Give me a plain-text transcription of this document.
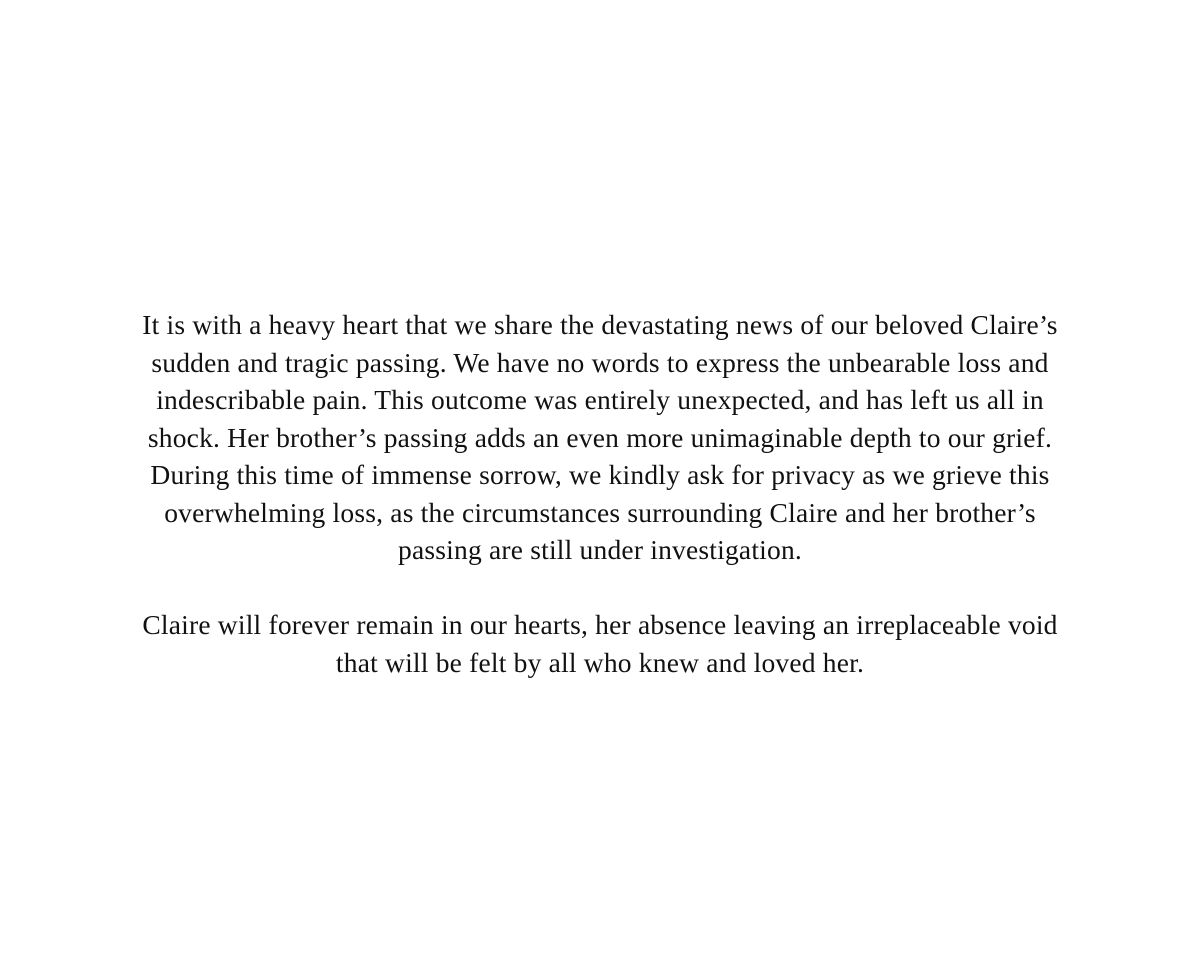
It is with a heavy heart that we share the devastating news of our beloved Claire’s
sudden and tragic passing. We have no words to express the unbearable loss and
indescribable pain. This outcome was entirely unexpected, and has left us all in
shock. Her brother’s passing adds an even more unimaginable depth to our grief.
During this time of immense sorrow, we kindly ask for privacy as we grieve this
overwhelming loss, as the circumstances surrounding Claire and her brother’s
passing are still under investigation.

Claire will forever remain in our hearts, her absence leaving an irreplaceable void
that will be felt by all who knew and loved her.
